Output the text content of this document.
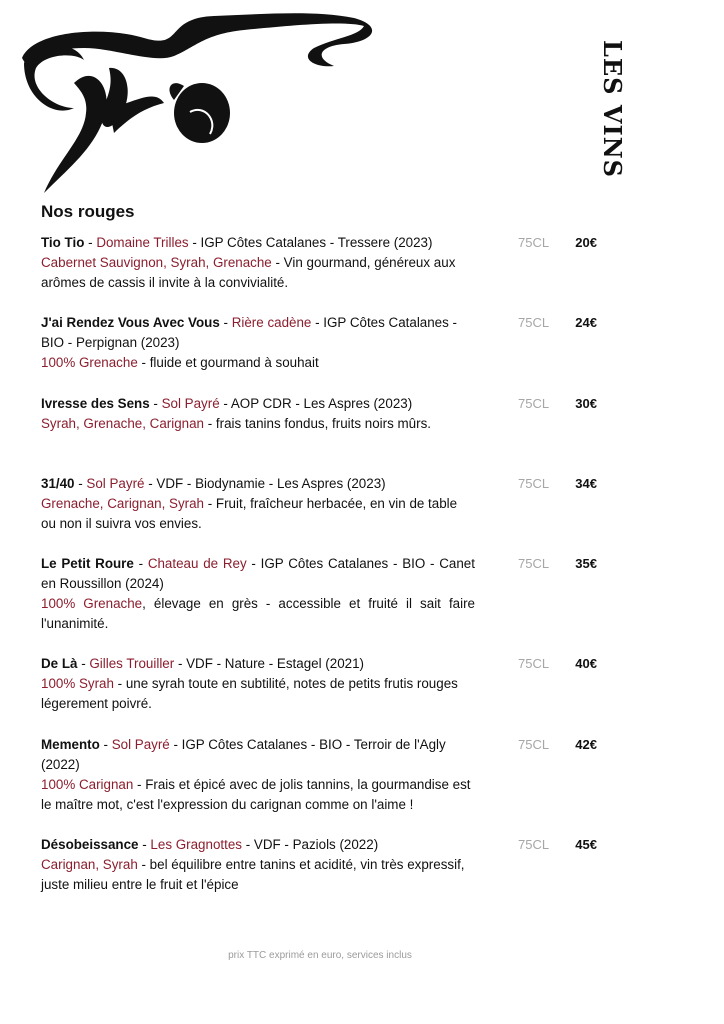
LES VINS
Nos rouges
Tio Tio - Domaine Trilles - IGP Côtes Catalanes - Tressere (2023)
Cabernet Sauvignon, Syrah, Grenache - Vin gourmand, généreux aux arômes de cassis il invite à la convivialité.
75CL	20€
J'ai Rendez Vous Avec Vous - Rière cadène - IGP Côtes Catalanes - BIO - Perpignan (2023)
100% Grenache - fluide et gourmand à souhait
75CL	24€
Ivresse des Sens - Sol Payré - AOP CDR - Les Aspres (2023)
Syrah, Grenache, Carignan - frais tanins fondus, fruits noirs mûrs.
75CL	30€
31/40 - Sol Payré - VDF - Biodynamie - Les Aspres (2023)
Grenache, Carignan, Syrah - Fruit, fraîcheur herbacée, en vin de table ou non il suivra vos envies.
75CL	34€
Le Petit Roure - Chateau de Rey - IGP Côtes Catalanes - BIO - Canet en Roussillon (2024)
100% Grenache, élevage en grès - accessible et fruité il sait faire l'unanimité.
75CL	35€
De Là - Gilles Trouiller - VDF - Nature - Estagel (2021)
100% Syrah - une syrah toute en subtilité, notes de petits frutis rouges légerement poivré.
75CL	40€
Memento - Sol Payré - IGP Côtes Catalanes - BIO - Terroir de l'Agly (2022)
100% Carignan - Frais et épicé avec de jolis tannins, la gourmandise est le maître mot, c'est l'expression du carignan comme on l'aime !
75CL	42€
Désobeissance - Les Gragnottes - VDF - Paziols (2022)
Carignan, Syrah - bel équilibre entre tanins et acidité, vin très expressif, juste milieu entre le fruit et l'épice
75CL	45€
prix TTC exprimé en euro, services inclus
